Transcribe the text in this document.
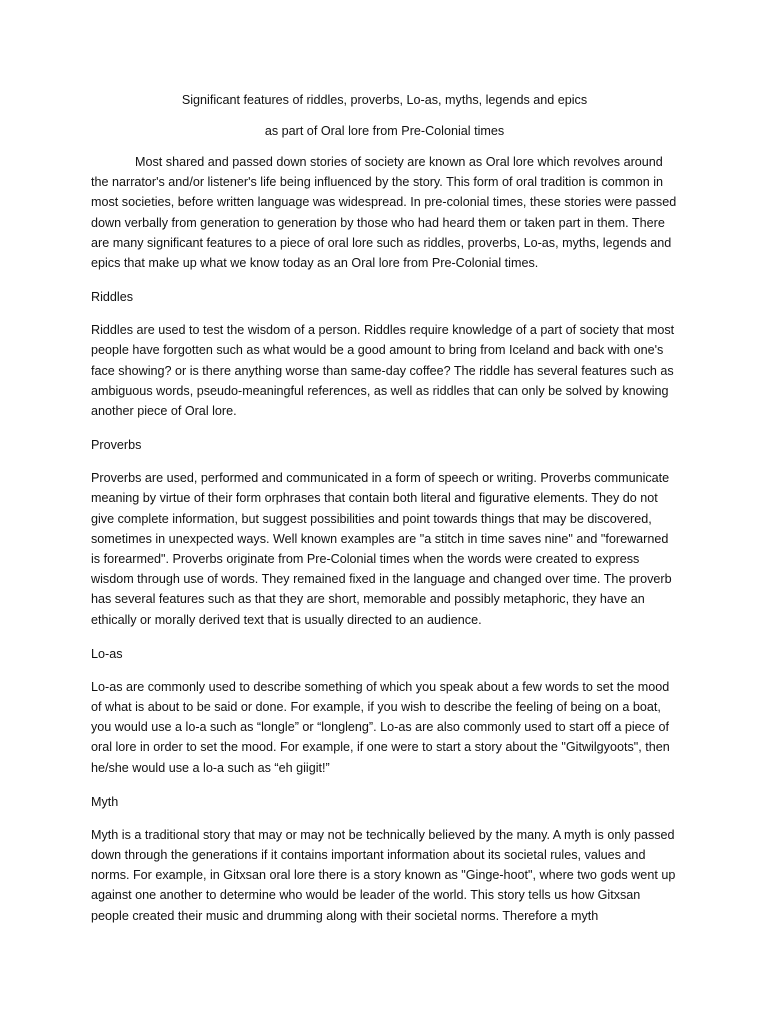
Significant features of riddles, proverbs, Lo-as, myths, legends and epics

as part of Oral lore from Pre-Colonial times

Most shared and passed down stories of society are known as Oral lore which revolves around the narrator's and/or listener's life being influenced by the story. This form of oral tradition is common in most societies, before written language was widespread. In pre-colonial times, these stories were passed down verbally from generation to generation by those who had heard them or taken part in them. There are many significant features to a piece of oral lore such as riddles, proverbs, Lo-as, myths, legends and epics that make up what we know today as an Oral lore from Pre-Colonial times.

Riddles

Riddles are used to test the wisdom of a person. Riddles require knowledge of a part of society that most people have forgotten such as what would be a good amount to bring from Iceland and back with one's face showing? or is there anything worse than same-day coffee? The riddle has several features such as ambiguous words, pseudo-meaningful references, as well as riddles that can only be solved by knowing another piece of Oral lore.

Proverbs

Proverbs are used, performed and communicated in a form of speech or writing. Proverbs communicate meaning by virtue of their form orphrases that contain both literal and figurative elements. They do not give complete information, but suggest possibilities and point towards things that may be discovered, sometimes in unexpected ways. Well known examples are "a stitch in time saves nine" and "forewarned is forearmed". Proverbs originate from Pre-Colonial times when the words were created to express wisdom through use of words. They remained fixed in the language and changed over time. The proverb has several features such as that they are short, memorable and possibly metaphoric, they have an ethically or morally derived text that is usually directed to an audience.

Lo-as

Lo-as are commonly used to describe something of which you speak about a few words to set the mood of what is about to be said or done. For example, if you wish to describe the feeling of being on a boat, you would use a lo-a such as “longle” or “longleng”. Lo-as are also commonly used to start off a piece of oral lore in order to set the mood. For example, if one were to start a story about the "Gitwilgyoots", then he/she would use a lo-a such as “eh giigit!”

Myth

Myth is a traditional story that may or may not be technically believed by the many. A myth is only passed down through the generations if it contains important information about its societal rules, values and norms. For example, in Gitxsan oral lore there is a story known as "Ginge-hoot", where two gods went up against one another to determine who would be leader of the world. This story tells us how Gitxsan people created their music and drumming along with their societal norms. Therefore a myth
